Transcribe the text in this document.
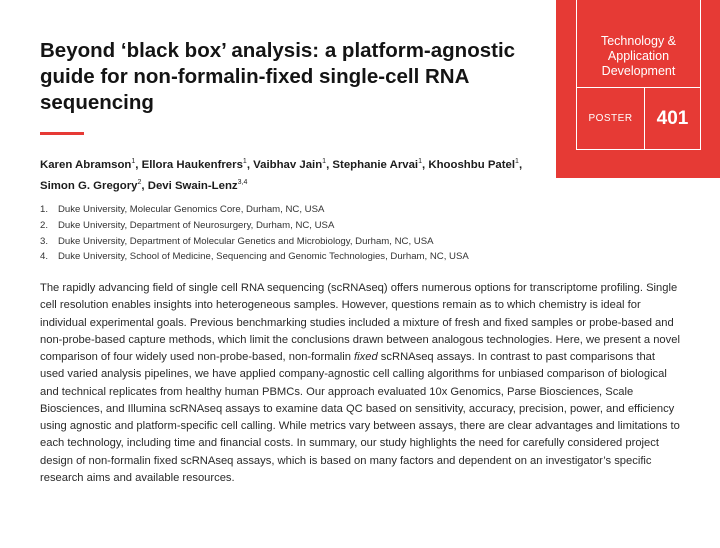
Technology & Application Development
POSTER	401
Beyond ‘black box’ analysis: a platform-agnostic guide for non-formalin-fixed single-cell RNA sequencing

Karen Abramson$^1$, Ellora Haukenfrers$^1$, Vaibhav Jain$^1$, Stephanie Arvai$^1$, Khooshbu Patel$^1$, Simon G. Gregory$^2$, Devi Swain-Lenz$^{3,4}$

1.	Duke University, Molecular Genomics Core, Durham, NC, USA
2.	Duke University, Department of Neurosurgery, Durham, NC, USA
3.	Duke University, Department of Molecular Genetics and Microbiology, Durham, NC, USA
4.	Duke University, School of Medicine, Sequencing and Genomic Technologies, Durham, NC, USA

The rapidly advancing field of single cell RNA sequencing (scRNAseq) offers numerous options for transcriptome profiling. Single cell resolution enables insights into heterogeneous samples. However, questions remain as to which chemistry is ideal for individual experimental goals. Previous benchmarking studies included a mixture of fresh and fixed samples or probe-based and non-probe-based capture methods, which limit the conclusions drawn between analogous technologies. Here, we present a novel comparison of four widely used non-probe-based, non-formalin fixed scRNAseq assays. In contrast to past comparisons that used varied analysis pipelines, we have applied company-agnostic cell calling algorithms for unbiased comparison of biological and technical replicates from healthy human PBMCs. Our approach evaluated 10x Genomics, Parse Biosciences, Scale Biosciences, and Illumina scRNAseq assays to examine data QC based on sensitivity, accuracy, precision, power, and efficiency using agnostic and platform-specific cell calling. While metrics vary between assays, there are clear advantages and limitations to each technology, including time and financial costs. In summary, our study highlights the need for carefully considered project design of non-formalin fixed scRNAseq assays, which is based on many factors and dependent on an investigator’s specific research aims and available resources.
